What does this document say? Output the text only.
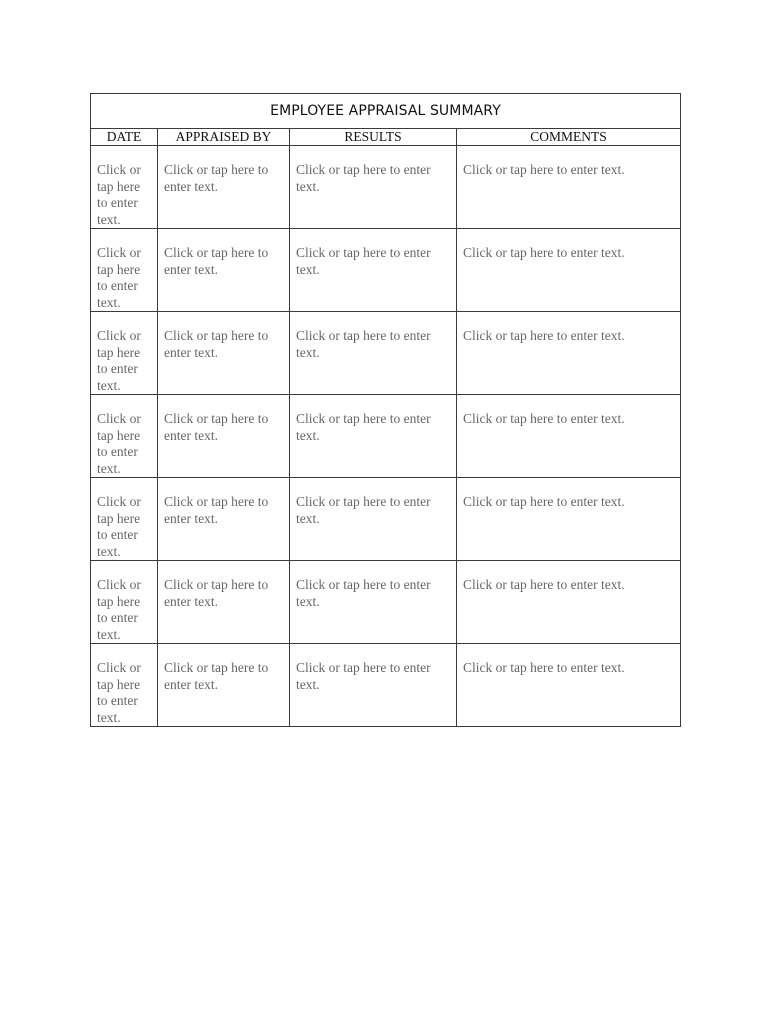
EMPLOYEE APPRAISAL SUMMARY			
DATE	APPRAISED BY	RESULTS	COMMENTS

Click or tap here to enter text.	Click or tap here to enter text.	Click or tap here to enter text.	Click or tap here to enter text.

Click or tap here to enter text.	Click or tap here to enter text.	Click or tap here to enter text.	Click or tap here to enter text.

Click or tap here to enter text.	Click or tap here to enter text.	Click or tap here to enter text.	Click or tap here to enter text.

Click or tap here to enter text.	Click or tap here to enter text.	Click or tap here to enter text.	Click or tap here to enter text.

Click or tap here to enter text.	Click or tap here to enter text.	Click or tap here to enter text.	Click or tap here to enter text.

Click or tap here to enter text.	Click or tap here to enter text.	Click or tap here to enter text.	Click or tap here to enter text.

Click or tap here to enter text.	Click or tap here to enter text.	Click or tap here to enter text.	Click or tap here to enter text.
